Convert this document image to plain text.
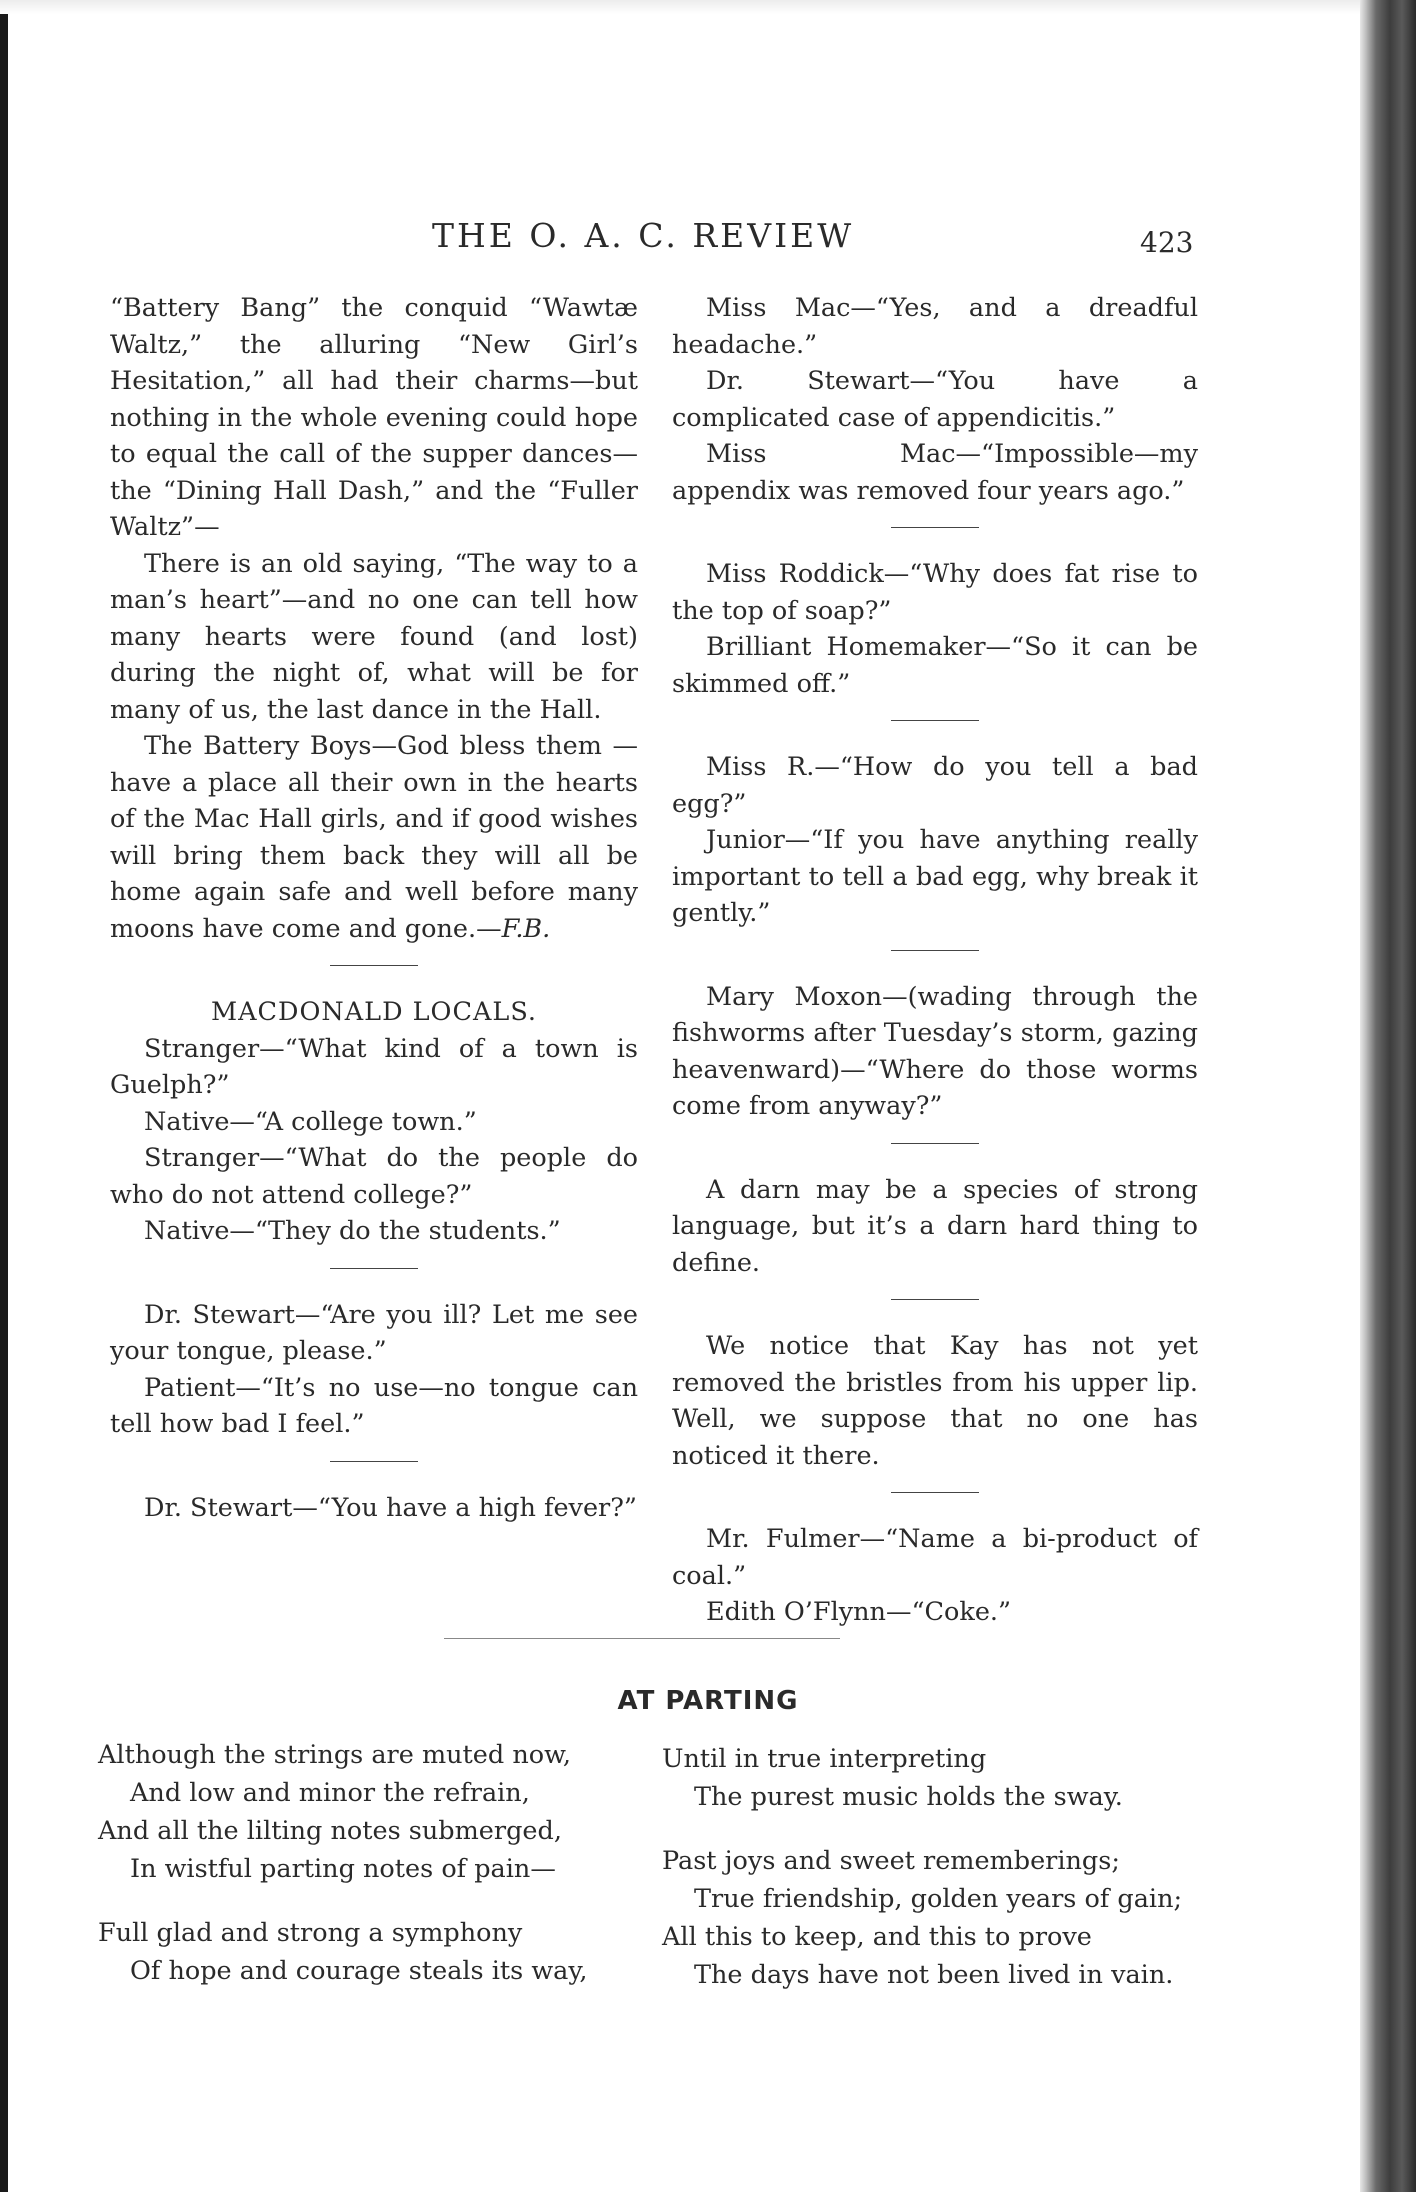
THE O. A. C. REVIEW	423

“Battery Bang” the conquid “Wawtæ Waltz,” the alluring “New Girl’s Hesitation,” all had their charms—but nothing in the whole evening could hope to equal the call of the supper dances—the “Dining Hall Dash,” and the “Fuller Waltz”—

There is an old saying, “The way to a man’s heart”—and no one can tell how many hearts were found (and lost) during the night of, what will be for many of us, the last dance in the Hall.

The Battery Boys—God bless them —have a place all their own in the hearts of the Mac Hall girls, and if good wishes will bring them back they will all be home again safe and well before many moons have come and gone.—F.B.

MACDONALD LOCALS.

Stranger—“What kind of a town is Guelph?”

Native—“A college town.”

Stranger—“What do the people do who do not attend college?”

Native—“They do the students.”

Dr. Stewart—“Are you ill? Let me see your tongue, please.”

Patient—“It’s no use—no tongue can tell how bad I feel.”

Dr. Stewart—“You have a high fever?”

Miss Mac—“Yes, and a dreadful headache.”

Dr. Stewart—“You have a complicated case of appendicitis.”

Miss Mac—“Impossible—my appendix was removed four years ago.”

Miss Roddick—“Why does fat rise to the top of soap?”

Brilliant Homemaker—“So it can be skimmed off.”

Miss R.—“How do you tell a bad egg?”

Junior—“If you have anything really important to tell a bad egg, why break it gently.”

Mary Moxon—(wading through the fishworms after Tuesday’s storm, gazing heavenward)—“Where do those worms come from anyway?”

A darn may be a species of strong language, but it’s a darn hard thing to define.

We notice that Kay has not yet removed the bristles from his upper lip. Well, we suppose that no one has noticed it there.

Mr. Fulmer—“Name a bi-product of coal.”

Edith O’Flynn—“Coke.”

AT PARTING
Although the strings are muted now,
And low and minor the refrain,
And all the lilting notes submerged,
In wistful parting notes of pain—
Full glad and strong a symphony
Of hope and courage steals its way,
Until in true interpreting
The purest music holds the sway.
Past joys and sweet rememberings;
True friendship, golden years of gain;
All this to keep, and this to prove
The days have not been lived in vain.
